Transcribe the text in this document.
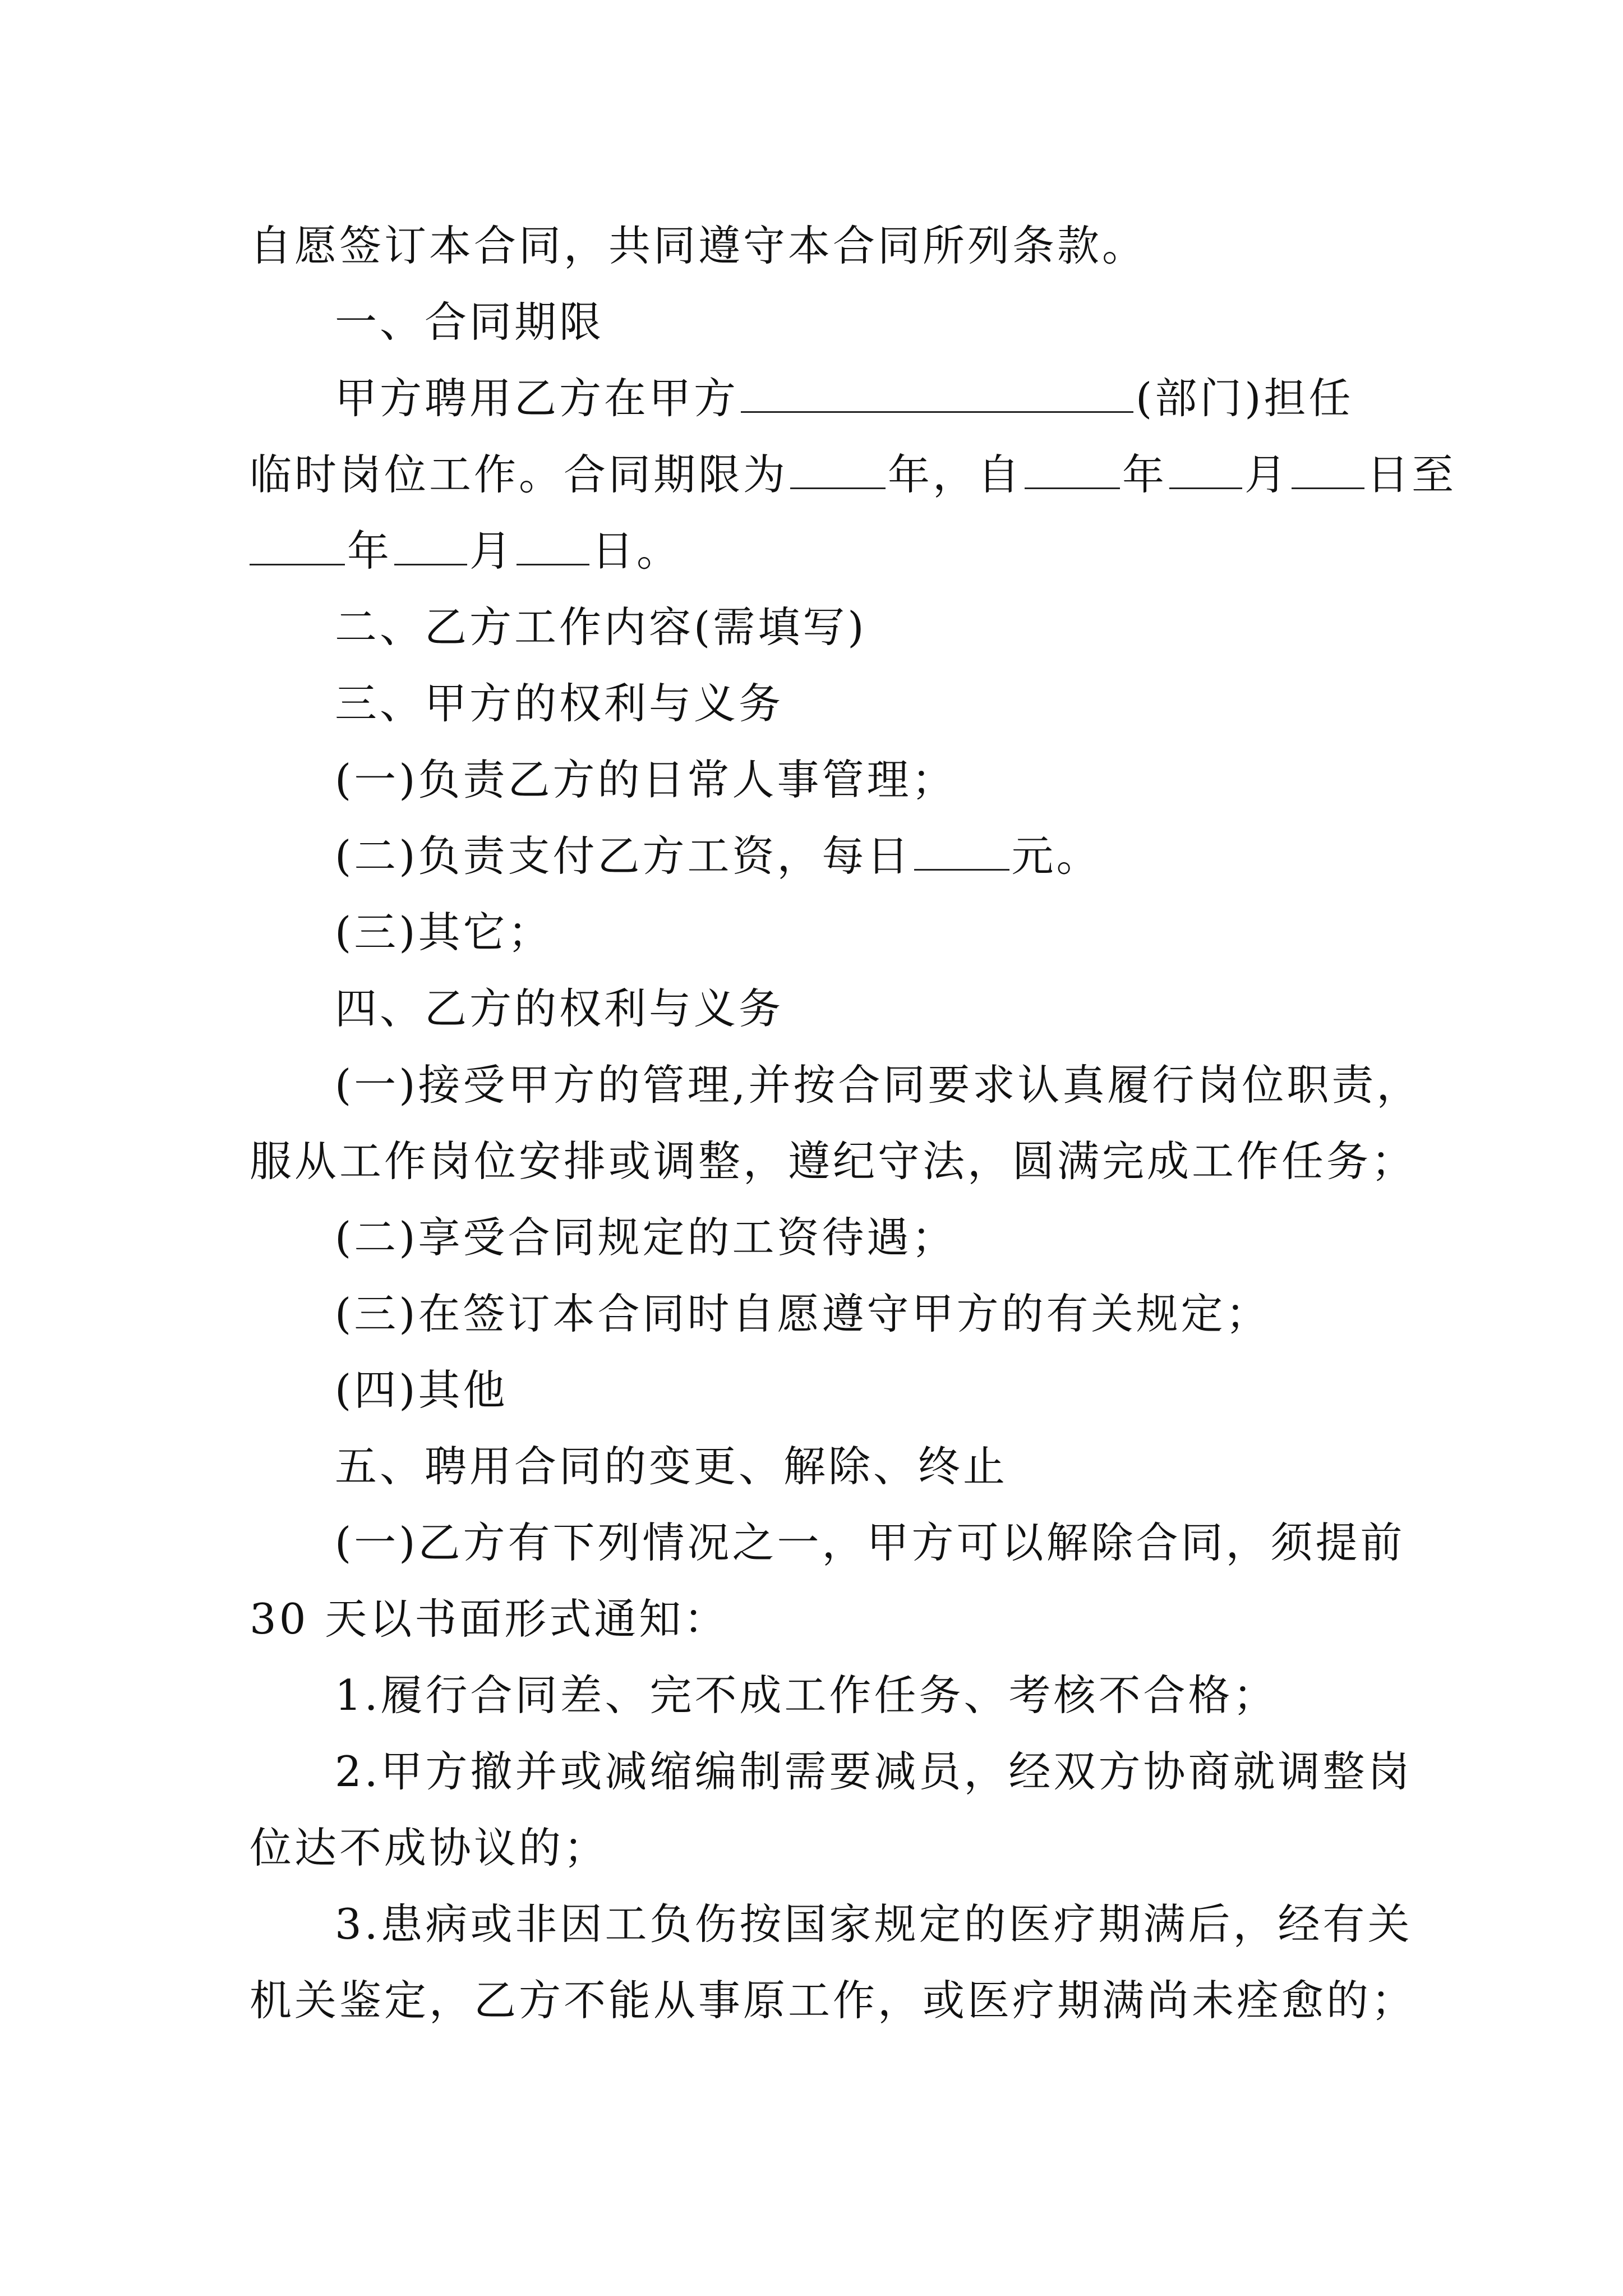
自愿签订本合同，共同遵守本合同所列条款。

一、合同期限

甲方聘用乙方在甲方	(部门)担任

临时岗位工作。合同期限为 年，自 年 月 日至

年 月 日。

二、乙方工作内容(需填写)

三、甲方的权利与义务

(一)负责乙方的日常人事管理；

(二)负责支付乙方工资，每日 元。

(三)其它；

四、乙方的权利与义务

(一)接受甲方的管理,并按合同要求认真履行岗位职责，

服从工作岗位安排或调整，遵纪守法，圆满完成工作任务；

(二)享受合同规定的工资待遇；

(三)在签订本合同时自愿遵守甲方的有关规定；

(四)其他

五、聘用合同的变更、解除、终止

(一)乙方有下列情况之一，甲方可以解除合同，须提前

30 天以书面形式通知：

1.履行合同差、完不成工作任务、考核不合格；

2.甲方撤并或减缩编制需要减员，经双方协商就调整岗

位达不成协议的；

3.患病或非因工负伤按国家规定的医疗期满后，经有关

机关鉴定，乙方不能从事原工作，或医疗期满尚未痊愈的；
